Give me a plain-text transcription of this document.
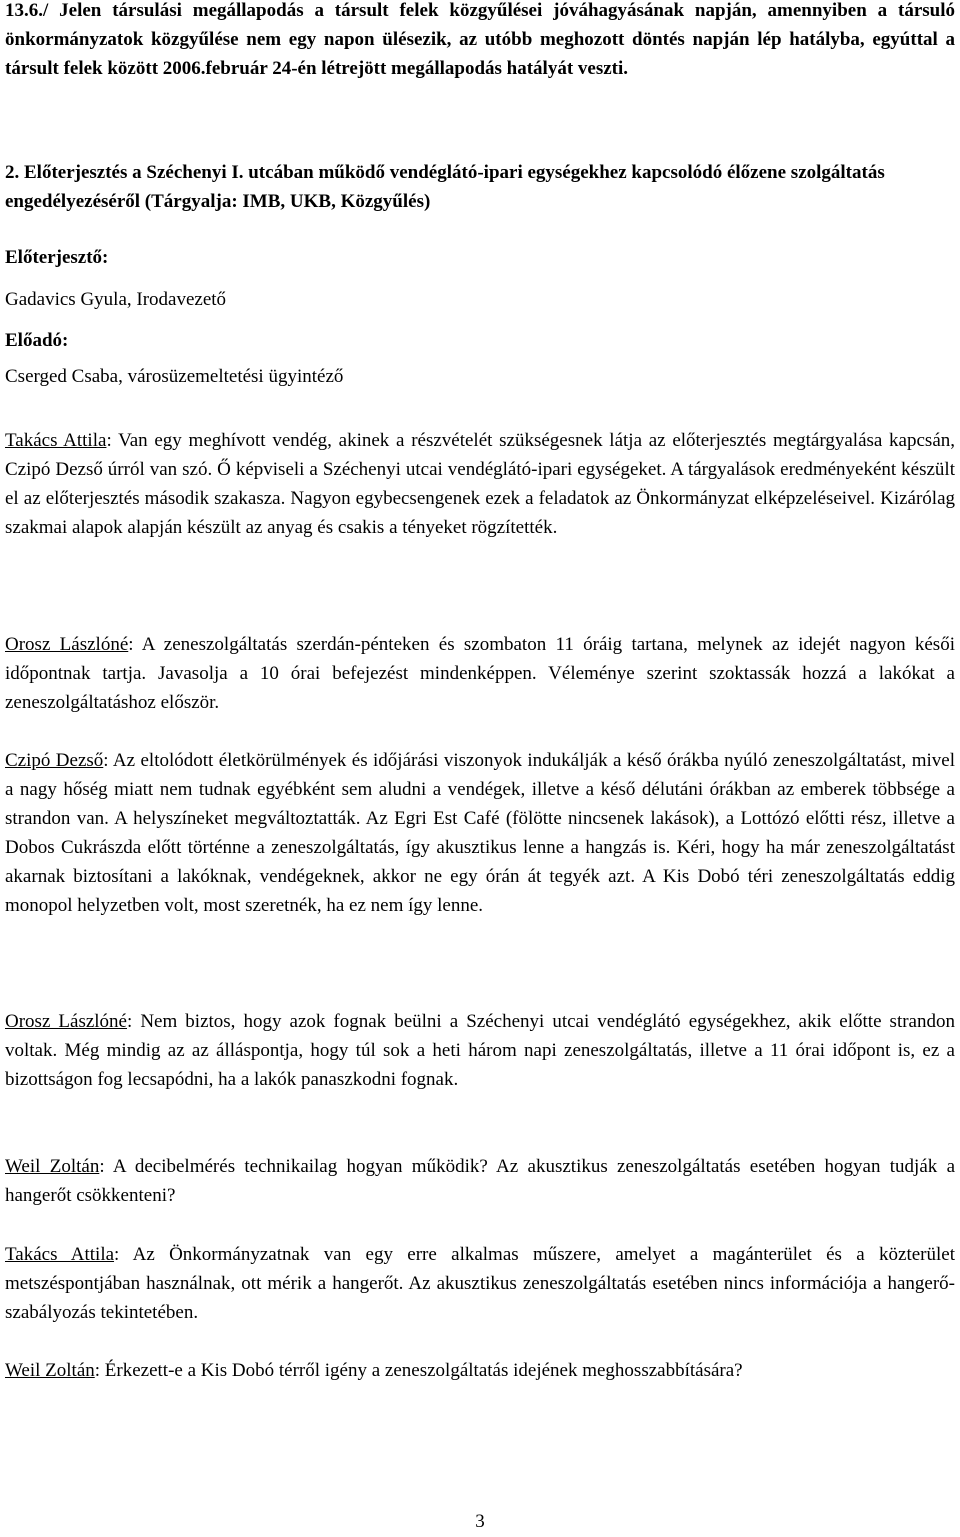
13.6./ Jelen társulási megállapodás a társult felek közgyűlései jóváhagyásának napján, amennyiben a társuló önkormányzatok közgyűlése nem egy napon ülésezik, az utóbb meghozott döntés napján lép hatályba, egyúttal a társult felek között 2006.február 24-én létrejött megállapodás hatályát veszti.

2. Előterjesztés a Széchenyi I. utcában működő vendéglátó-ipari egységekhez kapcsolódó élőzene szolgáltatás engedélyezéséről (Tárgyalja: IMB, UKB, Közgyűlés)

Előterjesztő:

Gadavics Gyula, Irodavezető

Előadó:

Cserged Csaba, városüzemeltetési ügyintéző

Takács Attila: Van egy meghívott vendég, akinek a részvételét szükségesnek látja az előterjesztés megtárgyalása kapcsán, Czipó Dezső úrról van szó. Ő képviseli a Széchenyi utcai vendéglátó-ipari egységeket. A tárgyalások eredményeként készült el az előterjesztés második szakasza. Nagyon egybecsengenek ezek a feladatok az Önkormányzat elképzeléseivel. Kizárólag szakmai alapok alapján készült az anyag és csakis a tényeket rögzítették.

Orosz Lászlóné: A zeneszolgáltatás szerdán-pénteken és szombaton 11 óráig tartana, melynek az idejét nagyon késői időpontnak tartja. Javasolja a 10 órai befejezést mindenképpen. Véleménye szerint szoktassák hozzá a lakókat a zeneszolgáltatáshoz először.

Czipó Dezső: Az eltolódott életkörülmények és időjárási viszonyok indukálják a késő órákba nyúló zeneszolgáltatást, mivel a nagy hőség miatt nem tudnak egyébként sem aludni a vendégek, illetve a késő délutáni órákban az emberek többsége a strandon van. A helyszíneket megváltoztatták. Az Egri Est Café (fölötte nincsenek lakások), a Lottózó előtti rész, illetve a Dobos Cukrászda előtt történne a zeneszolgáltatás, így akusztikus lenne a hangzás is. Kéri, hogy ha már zeneszolgáltatást akarnak biztosítani a lakóknak, vendégeknek, akkor ne egy órán át tegyék azt. A Kis Dobó téri zeneszolgáltatás eddig monopol helyzetben volt, most szeretnék, ha ez nem így lenne.

Orosz Lászlóné: Nem biztos, hogy azok fognak beülni a Széchenyi utcai vendéglátó egységekhez, akik előtte strandon voltak. Még mindig az az álláspontja, hogy túl sok a heti három napi zeneszolgáltatás, illetve a 11 órai időpont is, ez a bizottságon fog lecsapódni, ha a lakók panaszkodni fognak.

Weil Zoltán: A decibelmérés technikailag hogyan működik? Az akusztikus zeneszolgáltatás esetében hogyan tudják a hangerőt csökkenteni?

Takács Attila: Az Önkormányzatnak van egy erre alkalmas műszere, amelyet a magánterület és a közterület metszéspontjában használnak, ott mérik a hangerőt. Az akusztikus zeneszolgáltatás esetében nincs információja a hangerő-szabályozás tekintetében.

Weil Zoltán: Érkezett-e a Kis Dobó térről igény a zeneszolgáltatás idejének meghosszabbítására?

3
